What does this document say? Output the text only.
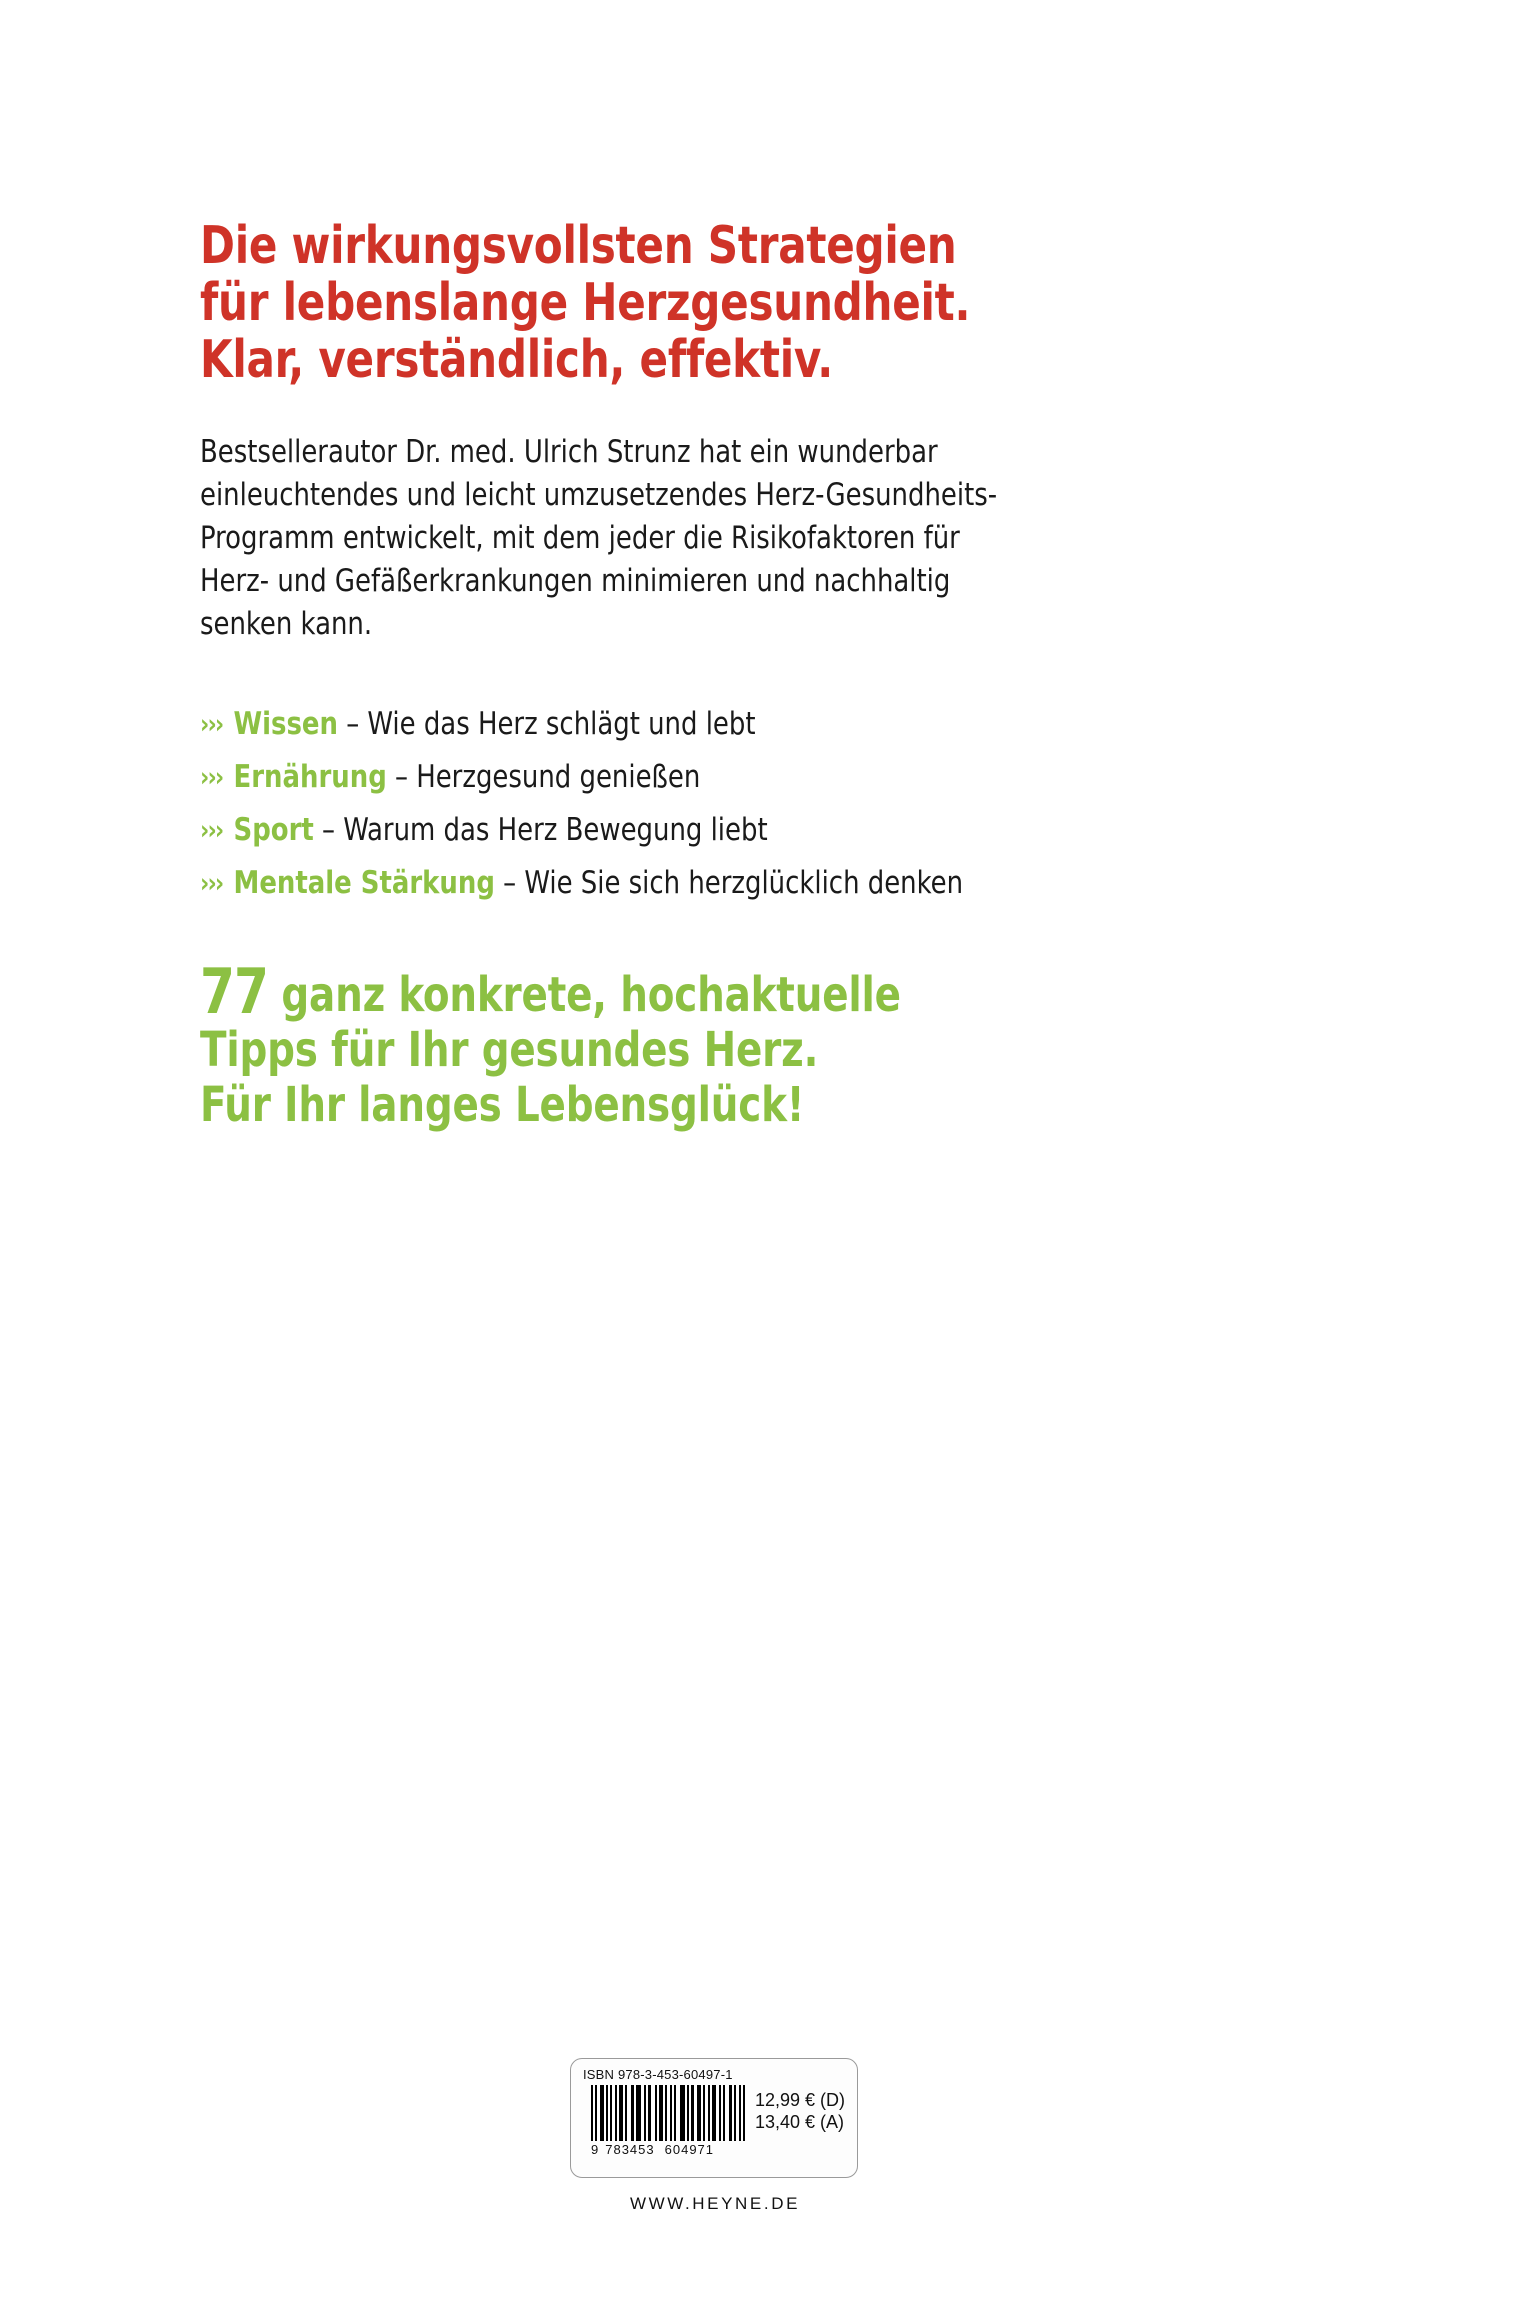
Die wirkungsvollsten Strategien
für lebenslange Herzgesundheit.
Klar, verständlich, effektiv.
Bestsellerautor Dr. med. Ulrich Strunz hat ein wunderbar
einleuchtendes und leicht umzusetzendes Herz-Gesundheits-
Programm entwickelt, mit dem jeder die Risikofaktoren für
Herz- und Gefäßerkrankungen minimieren und nachhaltig
senken kann.
››› Wissen – Wie das Herz schlägt und lebt
››› Ernährung – Herzgesund genießen
››› Sport – Warum das Herz Bewegung liebt
››› Mentale Stärkung – Wie Sie sich herzglücklich denken
77 ganz konkrete, hochaktuelle
Tipps für Ihr gesundes Herz.
Für Ihr langes Lebensglück!
ISBN 978-3-453-60497-1
12,99 € (D)
13,40 € (A)
9 783453 604971
WWW.HEYNE.DE
